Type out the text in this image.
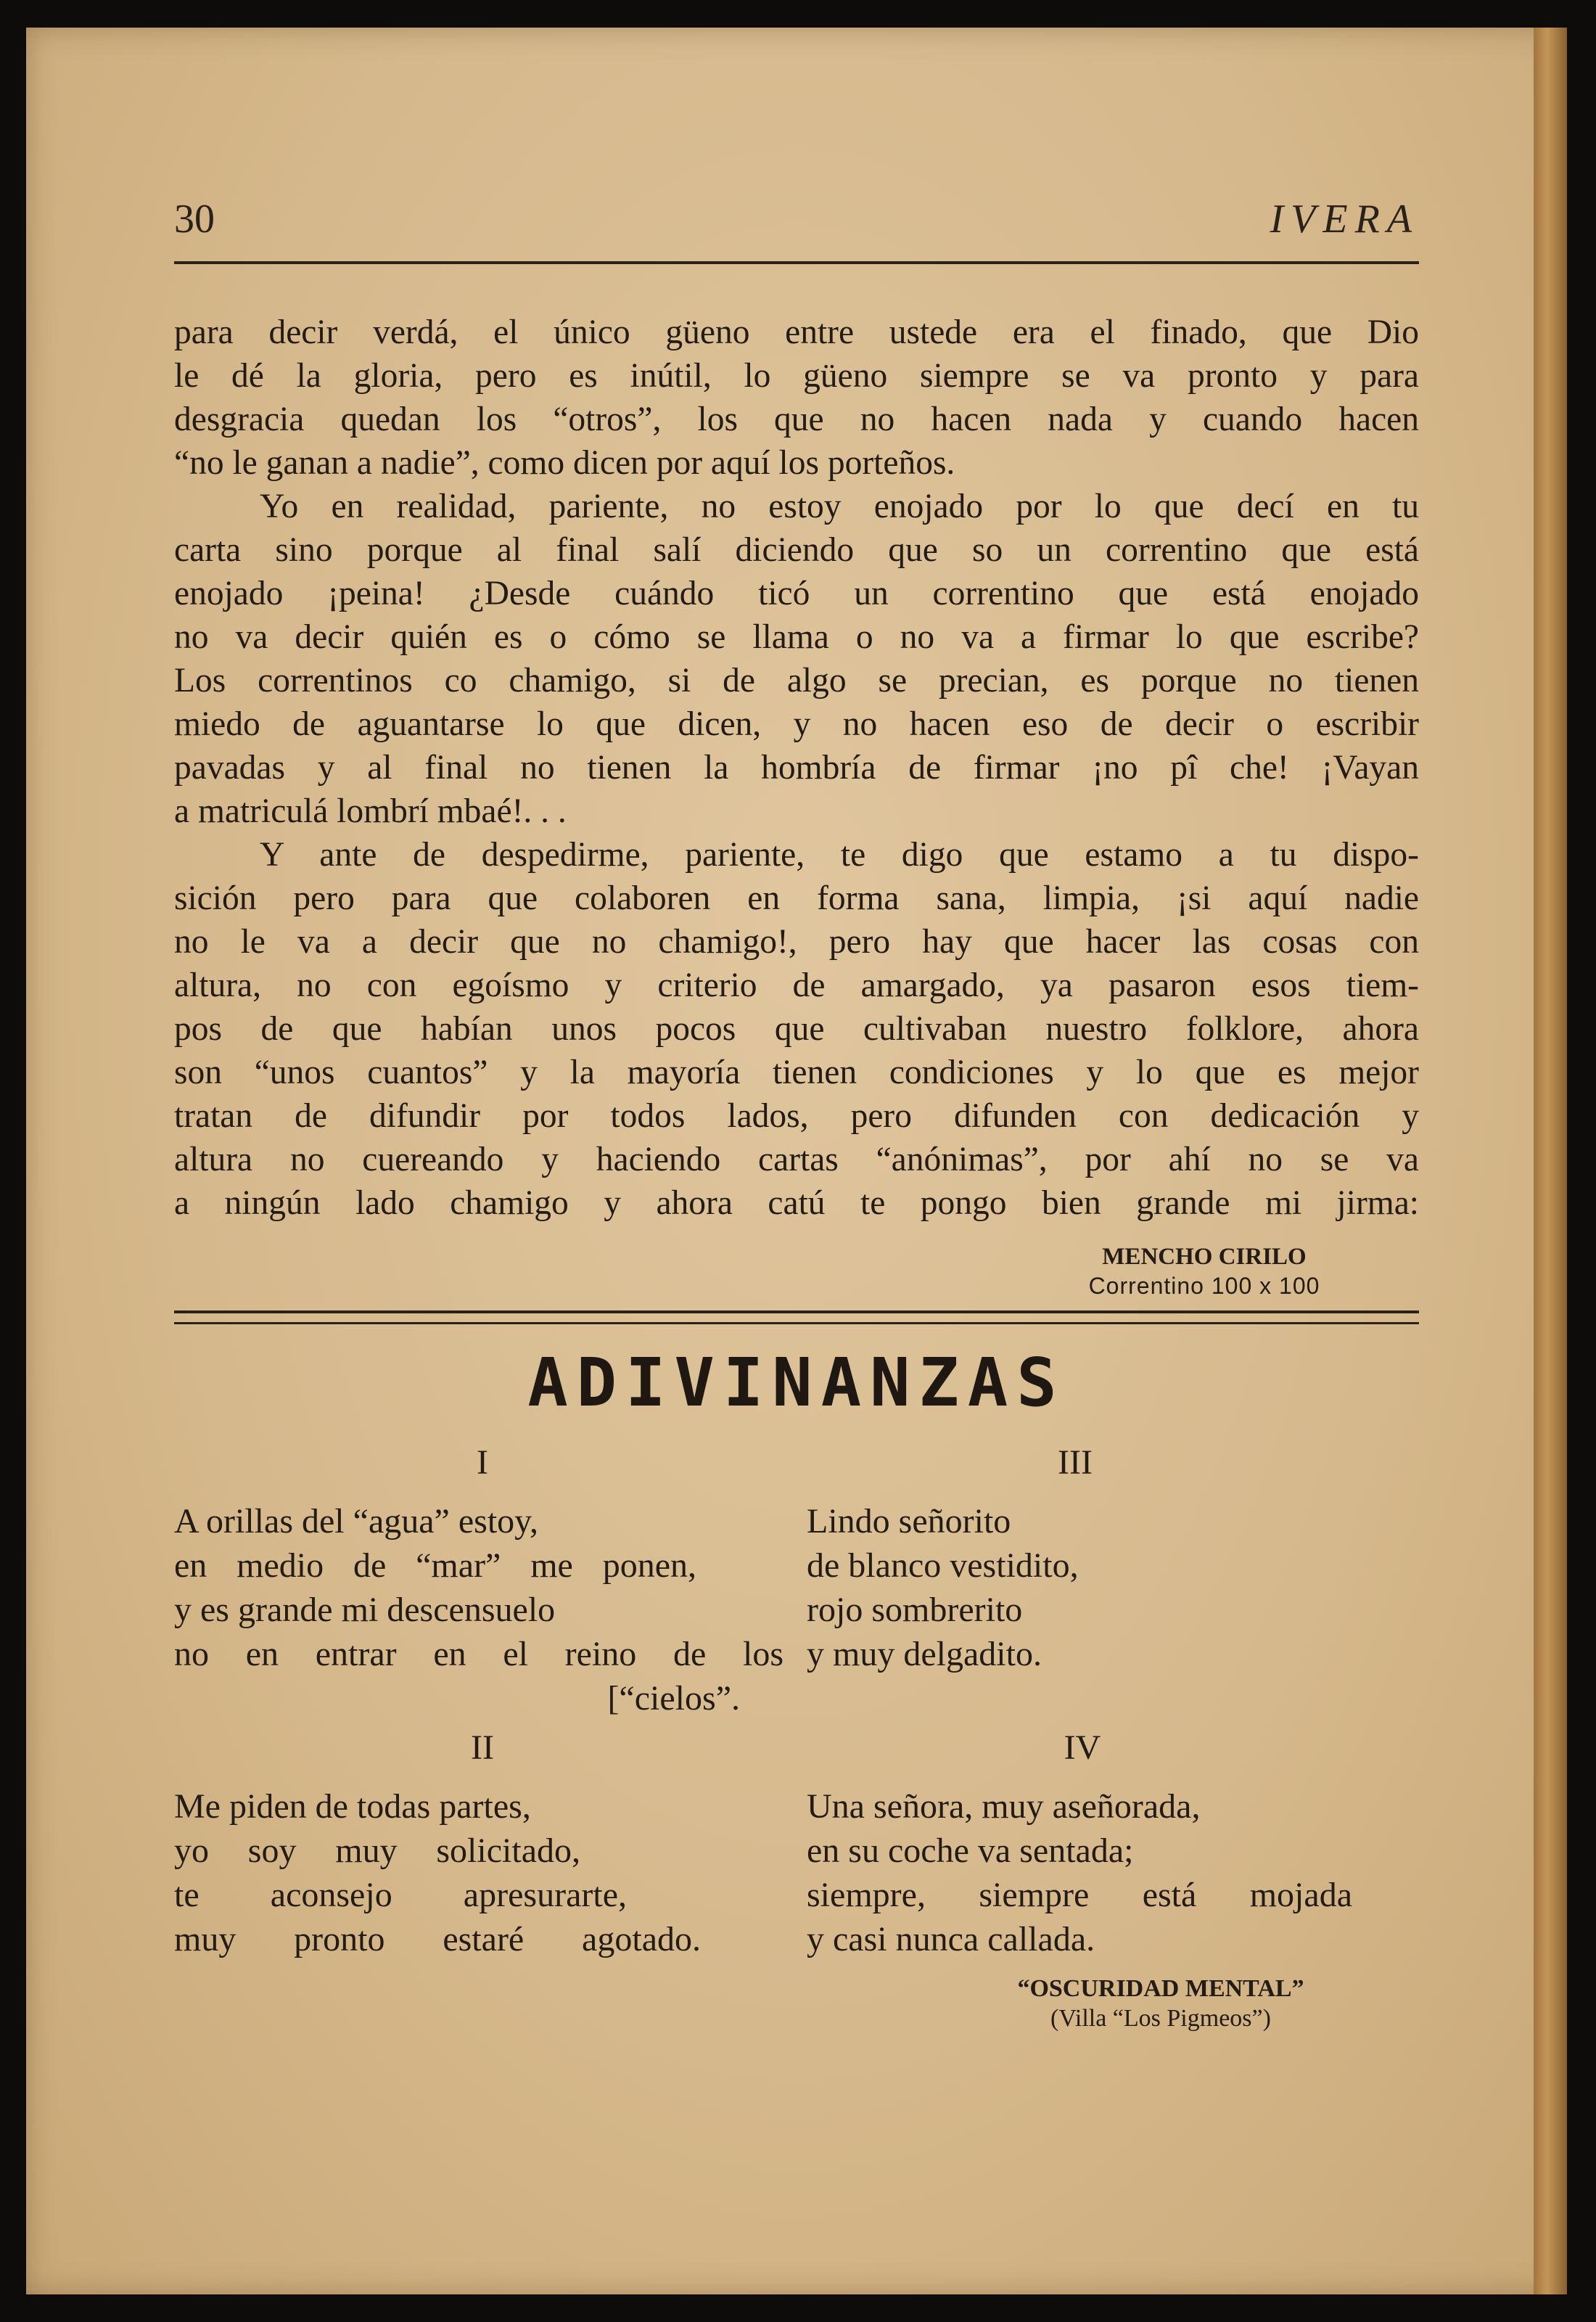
30	IVERA
para decir verdá, el único güeno entre ustede era el finado, que Dio
le dé la gloria, pero es inútil, lo güeno siempre se va pronto y para
desgracia quedan los “otros”, los que no hacen nada y cuando hacen
“no le ganan a nadie”, como dicen por aquí los porteños.
Yo en realidad, pariente, no estoy enojado por lo que decí en tu
carta sino porque al final salí diciendo que so un correntino que está
enojado ¡peina! ¿Desde cuándo ticó un correntino que está enojado
no va decir quién es o cómo se llama o no va a firmar lo que escribe?
Los correntinos co chamigo, si de algo se precian, es porque no tienen
miedo de aguantarse lo que dicen, y no hacen eso de decir o escribir
pavadas y al final no tienen la hombría de firmar ¡no pî che! ¡Vayan
a matriculá lombrí mbaé!. . .
Y ante de despedirme, pariente, te digo que estamo a tu dispo-
sición pero para que colaboren en forma sana, limpia, ¡si aquí nadie
no le va a decir que no chamigo!, pero hay que hacer las cosas con
altura, no con egoísmo y criterio de amargado, ya pasaron esos tiem-
pos de que habían unos pocos que cultivaban nuestro folklore, ahora
son “unos cuantos” y la mayoría tienen condiciones y lo que es mejor
tratan de difundir por todos lados, pero difunden con dedicación y
altura no cuereando y haciendo cartas “anónimas”, por ahí no se va
a ningún lado chamigo y ahora catú te pongo bien grande mi jirma:
MENCHO CIRILO
Correntino 100 x 100
ADIVINANZAS
I
A orillas del “agua” estoy,
en medio de “mar” me ponen,
y es grande mi descensuelo
no en entrar en el reino de los
[“cielos”.
III
Lindo señorito
de blanco vestidito,
rojo sombrerito
y muy delgadito.
II
Me piden de todas partes,
yo soy muy solicitado,
te aconsejo apresurarte,
muy pronto estaré agotado.
IV
Una señora, muy aseñorada,
en su coche va sentada;
siempre, siempre está mojada
y casi nunca callada.
“OSCURIDAD MENTAL”
(Villa “Los Pigmeos”)
